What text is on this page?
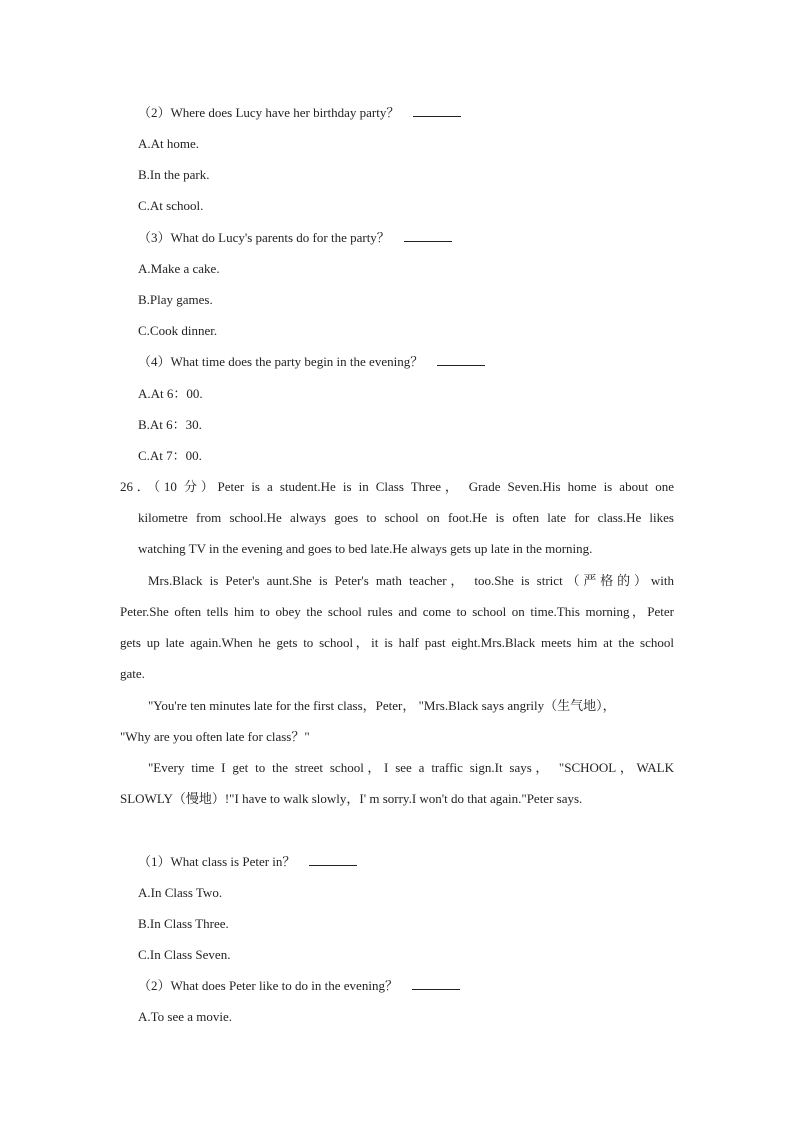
（2）Where does Lucy have her birthday party？
A.At home.
B.In the park.
C.At school.
（3）What do Lucy's parents do for the party？
A.Make a cake.
B.Play games.
C.Cook dinner.
（4）What time does the party begin in the evening？
A.At 6：00.
B.At 6：30.
C.At 7：00.
26．（10 分）Peter is a student.He is in Class Three， Grade Seven.His home is about one
kilometre from school.He always goes to school on foot.He is often late for class.He likes
watching TV in the evening and goes to bed late.He always gets up late in the morning.
Mrs.Black is Peter's aunt.She is Peter's math teacher， too.She is strict（严格的）with
Peter.She often tells him to obey the school rules and come to school on time.This morning，Peter
gets up late again.When he gets to school，it is half past eight.Mrs.Black meets him at the school
gate.
"You're ten minutes late for the first class，Peter， "Mrs.Black says angrily（生气地），
"Why are you often late for class？"
"Every time I get to the street school，I see a traffic sign.It says， "SCHOOL，WALK
SLOWLY（慢地）!"I have to walk slowly，I' m sorry.I won't do that again."Peter says.
（1）What class is Peter in？
A.In Class Two.
B.In Class Three.
C.In Class Seven.
（2）What does Peter like to do in the evening？
A.To see a movie.
